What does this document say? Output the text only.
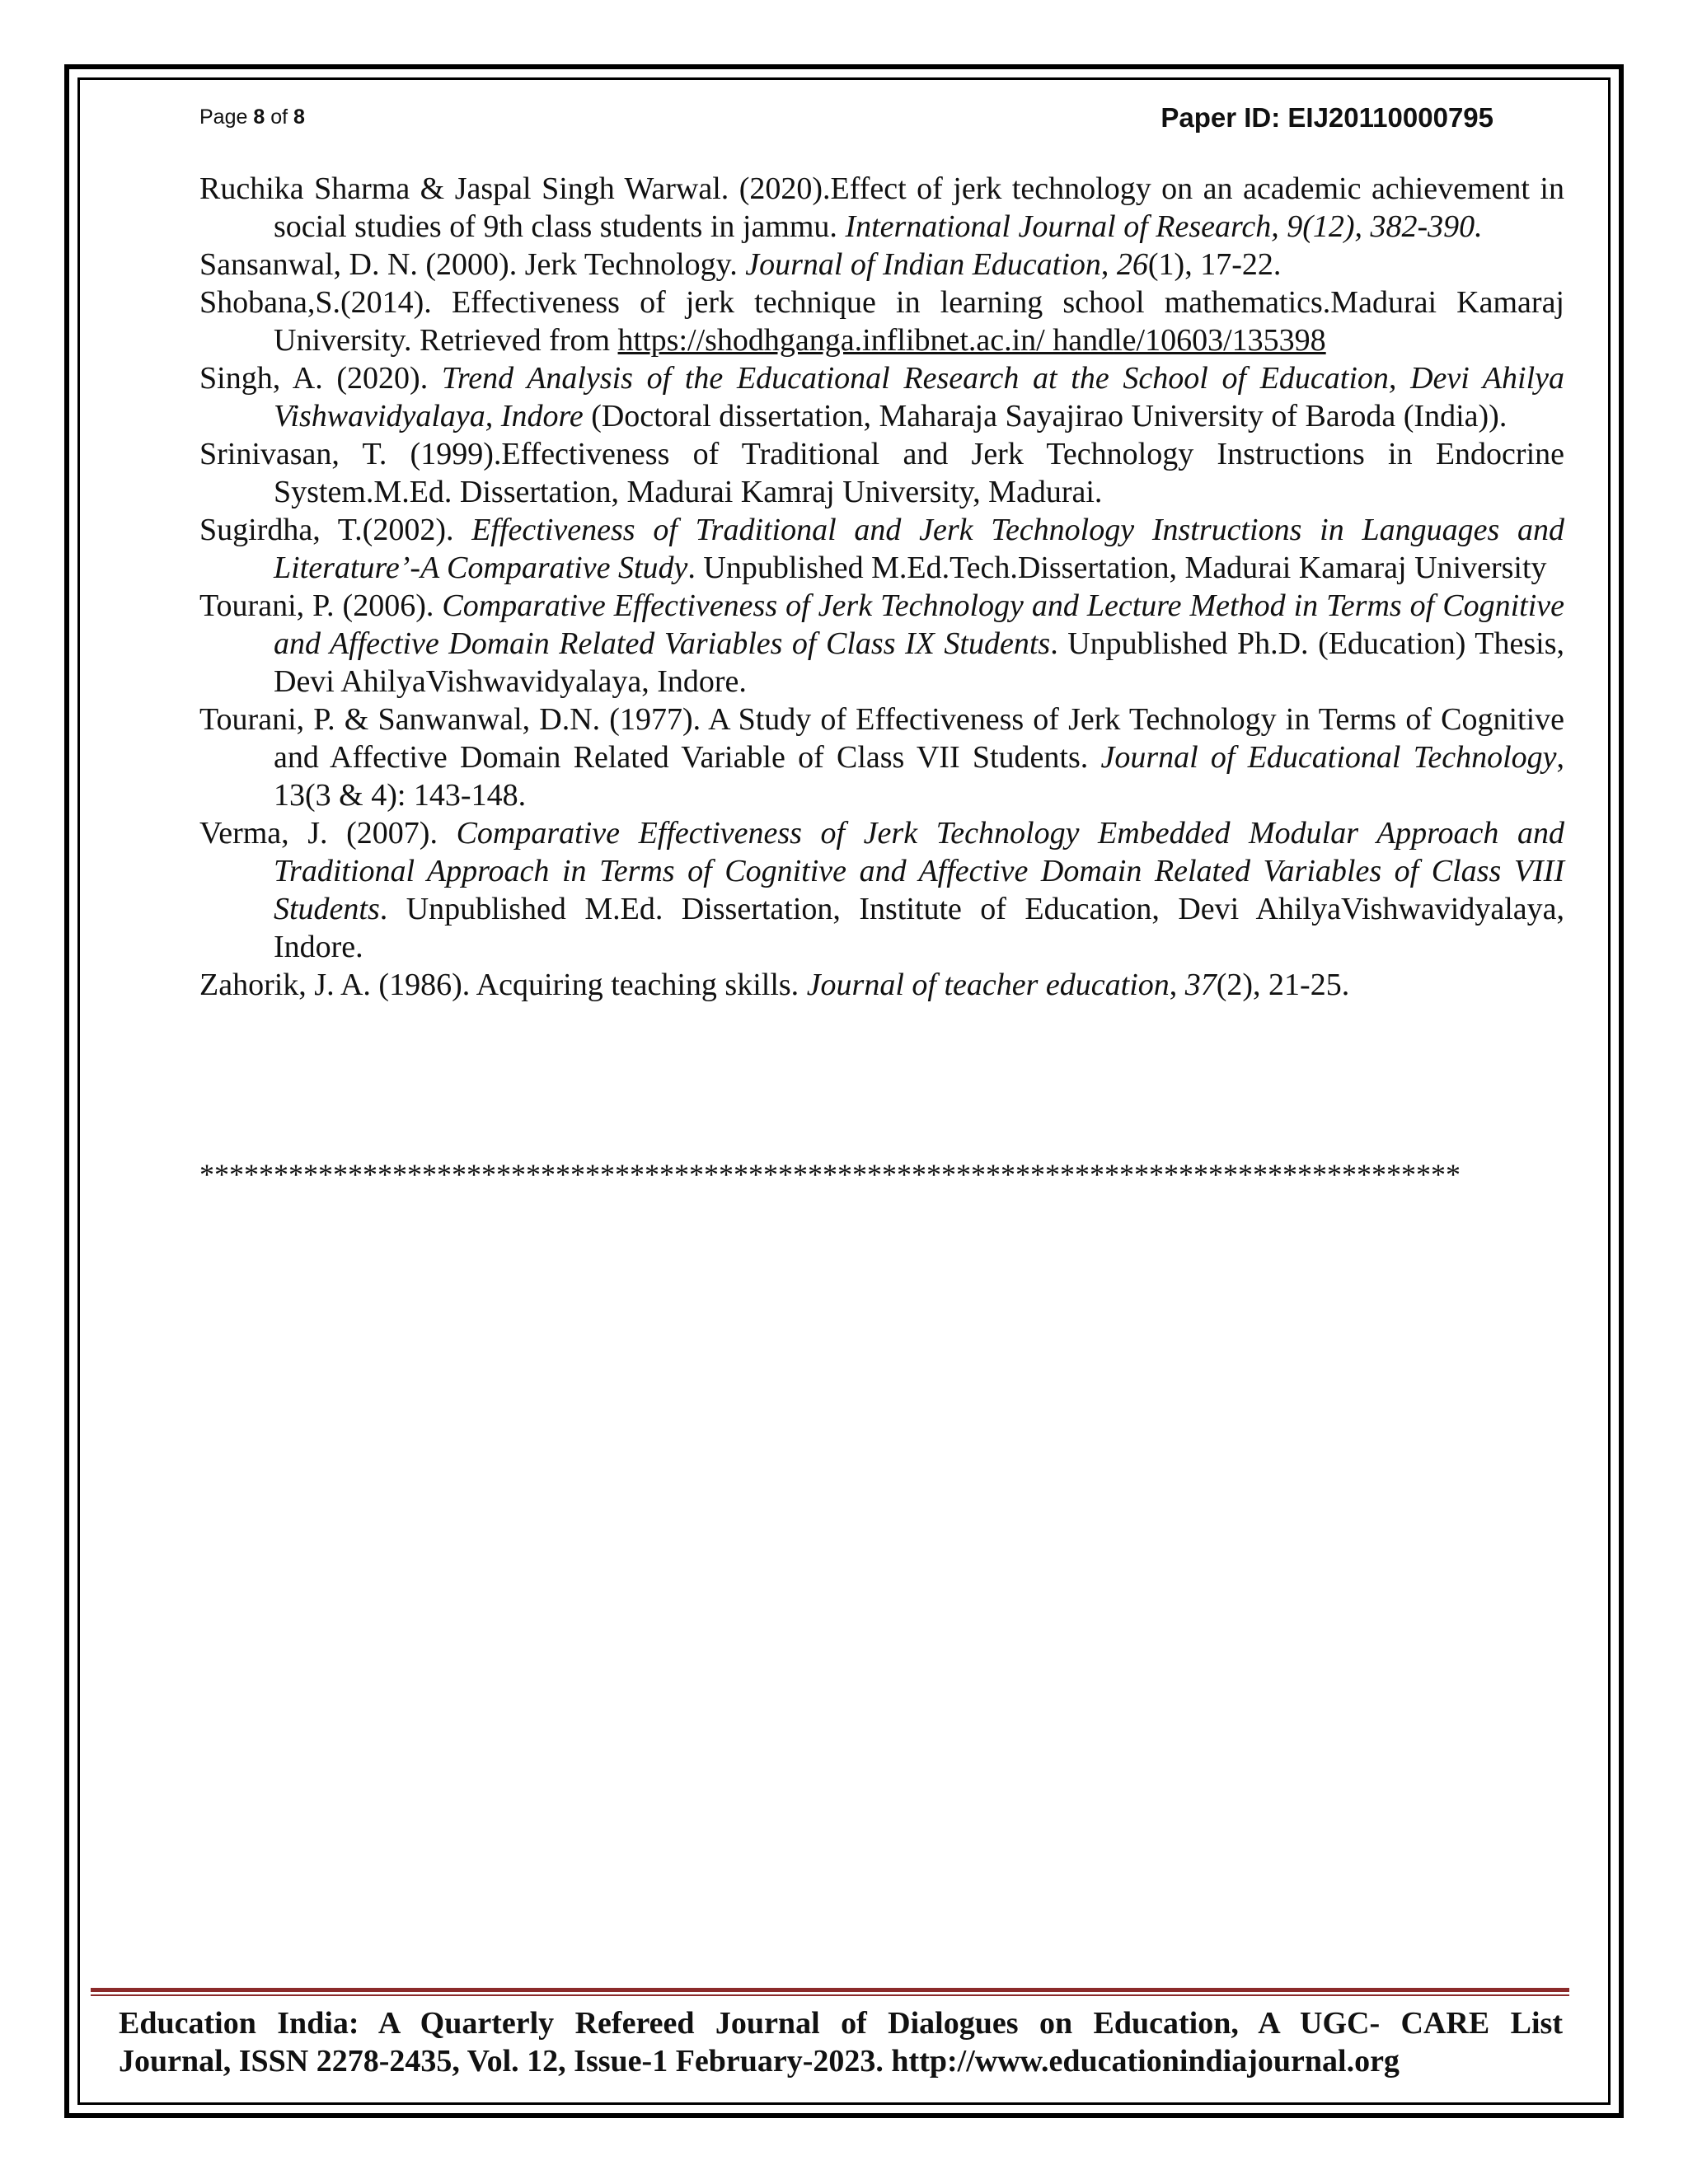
Page 8 of 8	Paper ID: EIJ20110000795

Ruchika Sharma & Jaspal Singh Warwal. (2020).Effect of jerk technology on an academic achievement in social studies of 9th class students in jammu. International Journal of Research, 9(12), 382-390.

Sansanwal, D. N. (2000). Jerk Technology. Journal of Indian Education, 26(1), 17-22.

Shobana,S.(2014). Effectiveness of jerk technique in learning school mathematics.Madurai Kamaraj University. Retrieved from https://shodhganga.inflibnet.ac.in/ handle/10603/135398

Singh, A. (2020). Trend Analysis of the Educational Research at the School of Education, Devi Ahilya Vishwavidyalaya, Indore (Doctoral dissertation, Maharaja Sayajirao University of Baroda (India)).

Srinivasan, T. (1999).Effectiveness of Traditional and Jerk Technology Instructions in Endocrine System.M.Ed. Dissertation, Madurai Kamraj University, Madurai.

Sugirdha, T.(2002). Effectiveness of Traditional and Jerk Technology Instructions in Languages and Literature’-A Comparative Study. Unpublished M.Ed.Tech.Dissertation, Madurai Kamaraj University

Tourani, P. (2006). Comparative Effectiveness of Jerk Technology and Lecture Method in Terms of Cognitive and Affective Domain Related Variables of Class IX Students. Unpublished Ph.D. (Education) Thesis, Devi AhilyaVishwavidyalaya, Indore.

Tourani, P. & Sanwanwal, D.N. (1977). A Study of Effectiveness of Jerk Technology in Terms of Cognitive and Affective Domain Related Variable of Class VII Students. Journal of Educational Technology, 13(3 & 4): 143-148.

Verma, J. (2007). Comparative Effectiveness of Jerk Technology Embedded Modular Approach and Traditional Approach in Terms of Cognitive and Affective Domain Related Variables of Class VIII Students. Unpublished M.Ed. Dissertation, Institute of Education, Devi AhilyaVishwavidyalaya, Indore.

Zahorik, J. A. (1986). Acquiring teaching skills. Journal of teacher education, 37(2), 21-25.

*************************************************************************************
Education India: A Quarterly Refereed Journal of Dialogues on Education, A UGC- CARE List
Journal, ISSN 2278-2435, Vol. 12, Issue-1 February-2023. http://www.educationindiajournal.org
